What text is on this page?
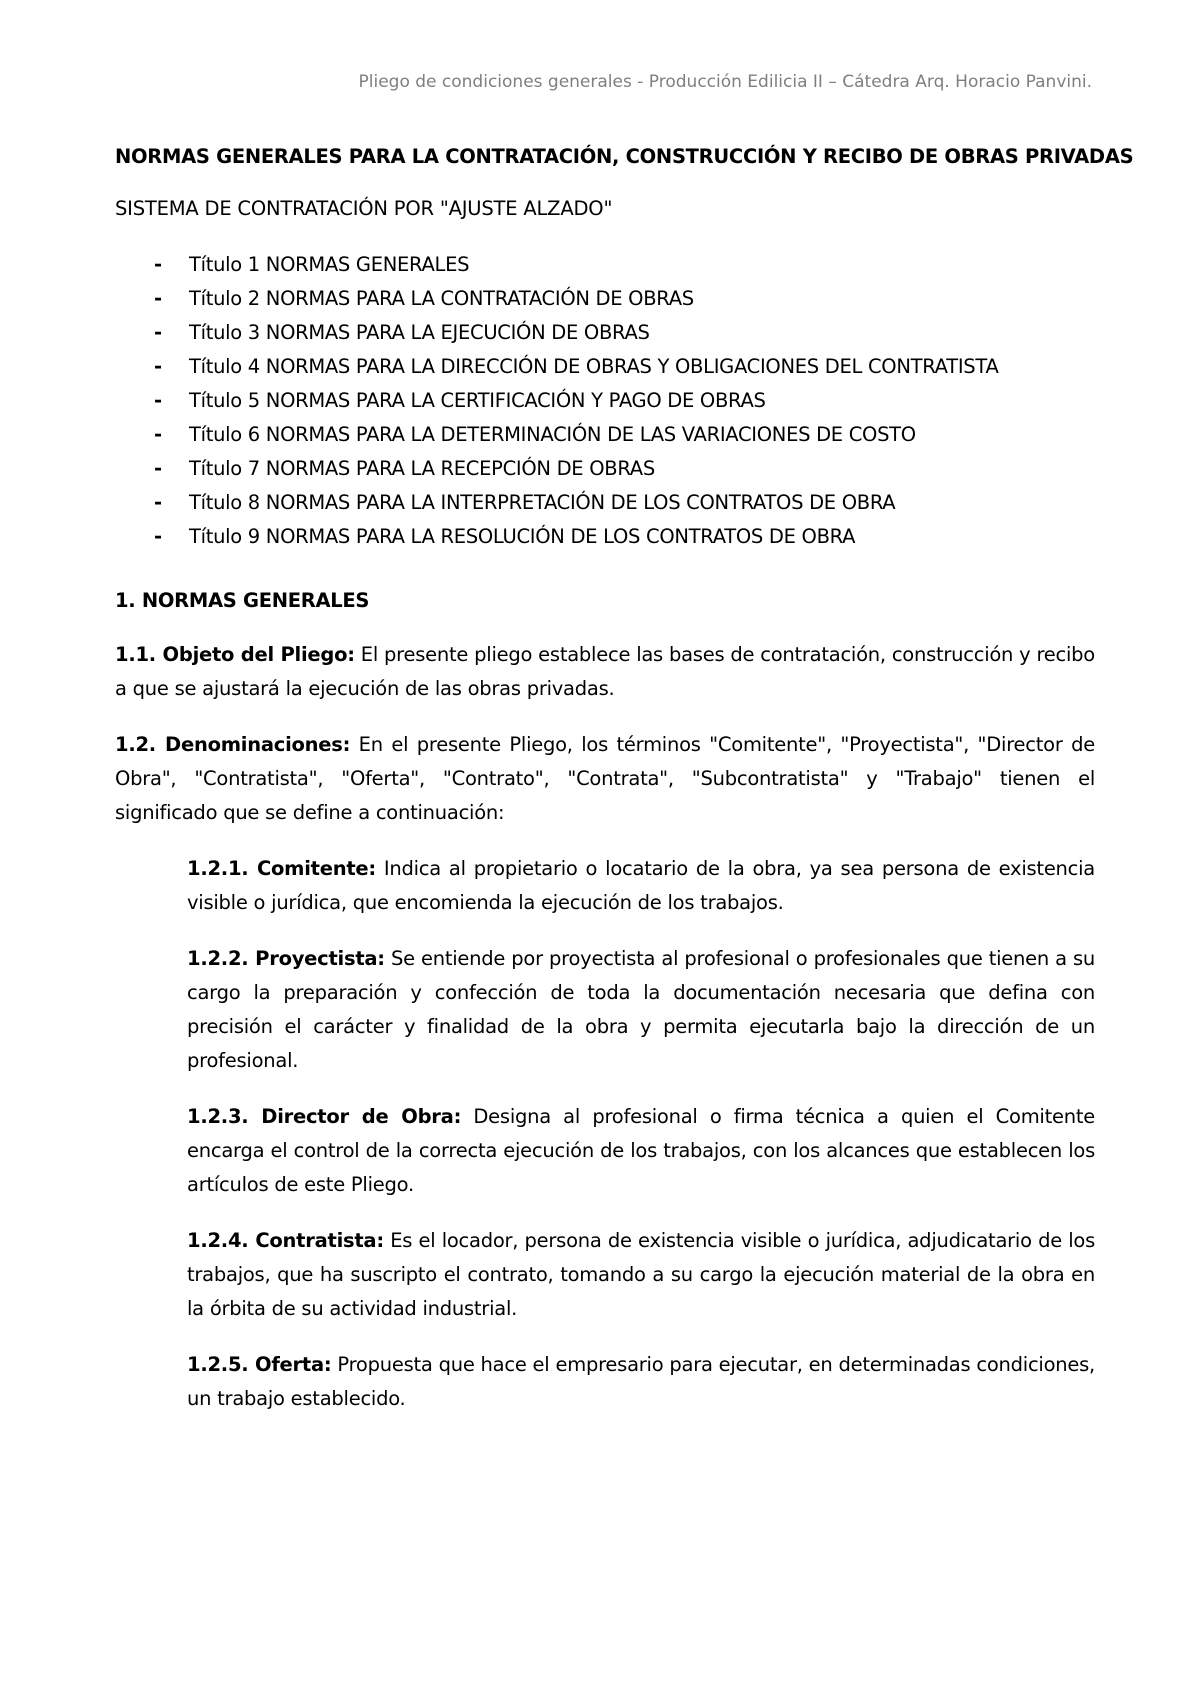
Pliego de condiciones generales - Producción Edilicia II – Cátedra Arq. Horacio Panvini.
NORMAS GENERALES PARA LA CONTRATACIÓN, CONSTRUCCIÓN Y RECIBO DE OBRAS PRIVADAS
SISTEMA DE CONTRATACIÓN POR "AJUSTE ALZADO"
- Título 1 NORMAS GENERALES
- Título 2 NORMAS PARA LA CONTRATACIÓN DE OBRAS
- Título 3 NORMAS PARA LA EJECUCIÓN DE OBRAS
- Título 4 NORMAS PARA LA DIRECCIÓN DE OBRAS Y OBLIGACIONES DEL CONTRATISTA
- Título 5 NORMAS PARA LA CERTIFICACIÓN Y PAGO DE OBRAS
- Título 6 NORMAS PARA LA DETERMINACIÓN DE LAS VARIACIONES DE COSTO
- Título 7 NORMAS PARA LA RECEPCIÓN DE OBRAS
- Título 8 NORMAS PARA LA INTERPRETACIÓN DE LOS CONTRATOS DE OBRA
- Título 9 NORMAS PARA LA RESOLUCIÓN DE LOS CONTRATOS DE OBRA
1. NORMAS GENERALES

1.1. Objeto del Pliego: El presente pliego establece las bases de contratación, construcción y recibo a que se ajustará la ejecución de las obras privadas.

1.2. Denominaciones: En el presente Pliego, los términos "Comitente", "Proyectista", "Director de Obra", "Contratista", "Oferta", "Contrato", "Contrata", "Subcontratista" y "Trabajo" tienen el significado que se define a continuación:

1.2.1. Comitente: Indica al propietario o locatario de la obra, ya sea persona de existencia visible o jurídica, que encomienda la ejecución de los trabajos.

1.2.2. Proyectista: Se entiende por proyectista al profesional o profesionales que tienen a su cargo la preparación y confección de toda la documentación necesaria que defina con precisión el carácter y finalidad de la obra y permita ejecutarla bajo la dirección de un profesional.

1.2.3. Director de Obra: Designa al profesional o firma técnica a quien el Comitente encarga el control de la correcta ejecución de los trabajos, con los alcances que establecen los artículos de este Pliego.

1.2.4. Contratista: Es el locador, persona de existencia visible o jurídica, adjudicatario de los trabajos, que ha suscripto el contrato, tomando a su cargo la ejecución material de la obra en la órbita de su actividad industrial.

1.2.5. Oferta: Propuesta que hace el empresario para ejecutar, en determinadas condiciones, un trabajo establecido.
